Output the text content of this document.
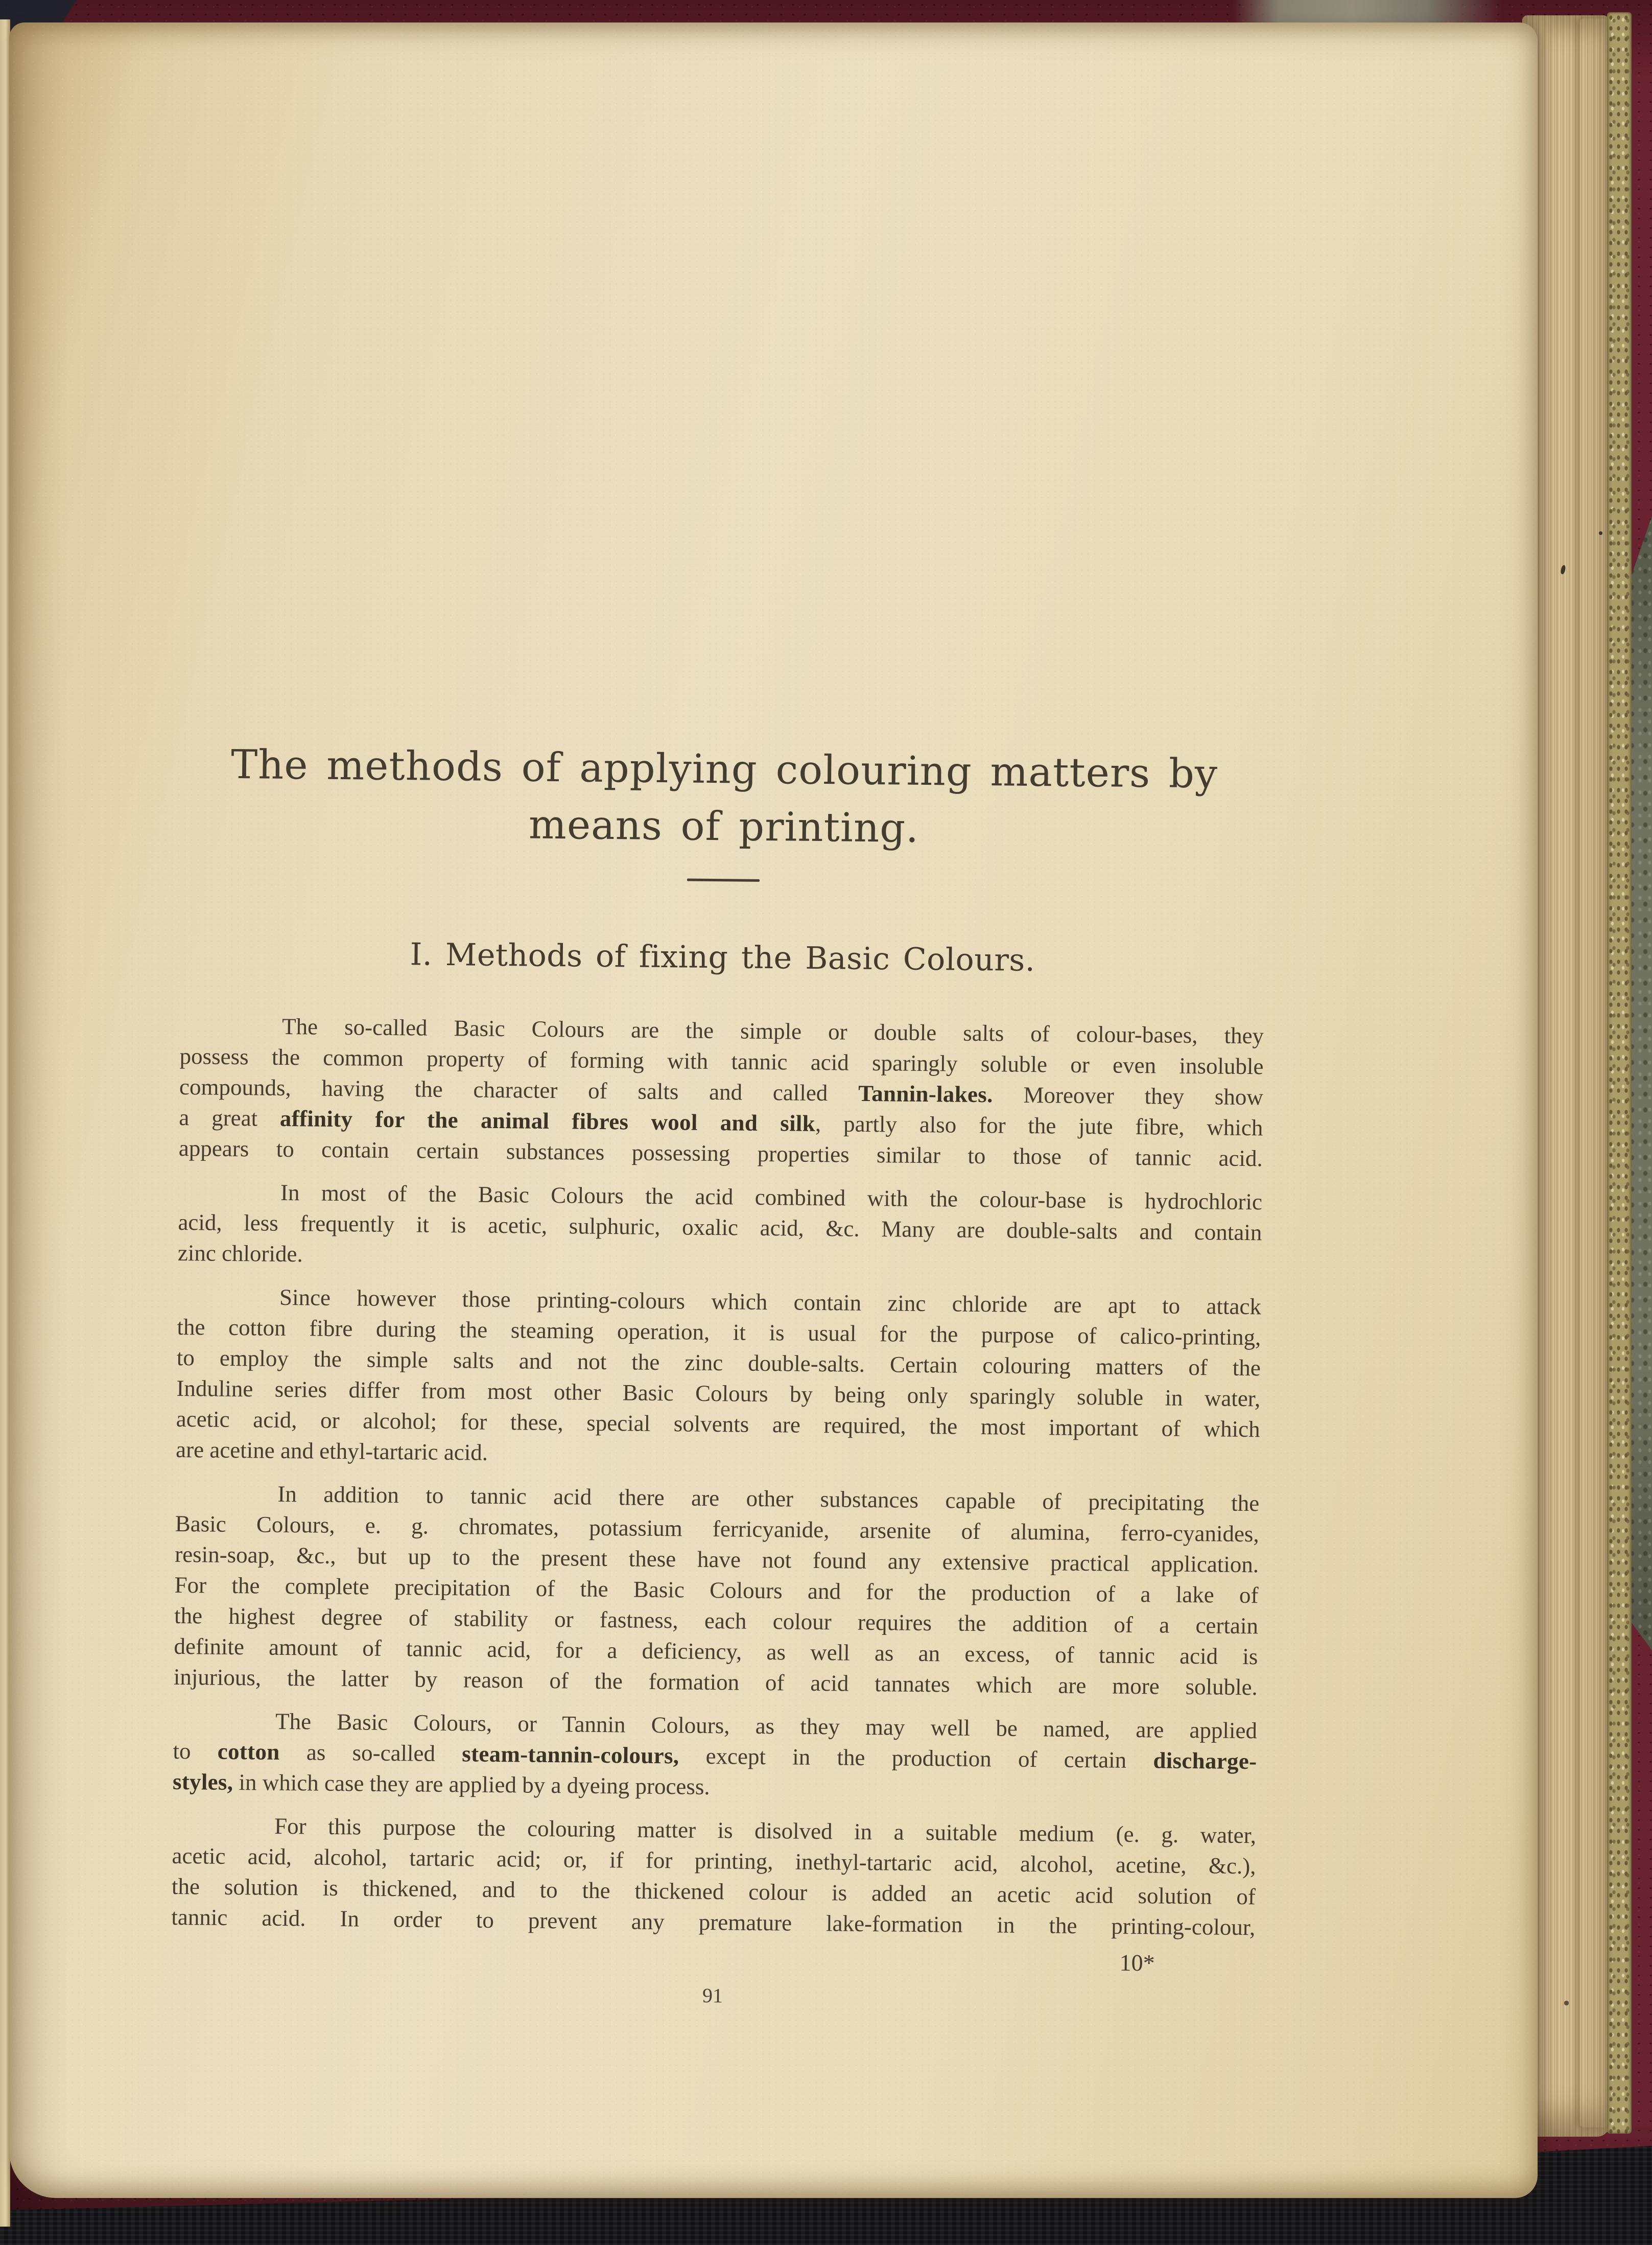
The methods of applying colouring matters by
means of printing.
I. Methods of fixing the Basic Colours.
The so-called Basic Colours are the simple or double salts of colour-bases, they
possess the common property of forming with tannic acid sparingly soluble or even insoluble
compounds, having the character of salts and called Tannin-lakes. Moreover they show
a great affinity for the animal fibres wool and silk, partly also for the jute fibre, which
appears to contain certain substances possessing properties similar to those of tannic acid.
In most of the Basic Colours the acid combined with the colour-base is hydrochloric
acid, less frequently it is acetic, sulphuric, oxalic acid, &c. Many are double-salts and contain
zinc chloride.
Since however those printing-colours which contain zinc chloride are apt to attack
the cotton fibre during the steaming operation, it is usual for the purpose of calico-printing,
to employ the simple salts and not the zinc double-salts. Certain colouring matters of the
Induline series differ from most other Basic Colours by being only sparingly soluble in water,
acetic acid, or alcohol; for these, special solvents are required, the most important of which
are acetine and ethyl-tartaric acid.
In addition to tannic acid there are other substances capable of precipitating the
Basic Colours, e. g. chromates, potassium ferricyanide, arsenite of alumina, ferro-cyanides,
resin-soap, &c., but up to the present these have not found any extensive practical application.
For the complete precipitation of the Basic Colours and for the production of a lake of
the highest degree of stability or fastness, each colour requires the addition of a certain
definite amount of tannic acid, for a deficiency, as well as an excess, of tannic acid is
injurious, the latter by reason of the formation of acid tannates which are more soluble.
The Basic Colours, or Tannin Colours, as they may well be named, are applied
to cotton as so-called steam-tannin-colours, except in the production of certain discharge-
styles, in which case they are applied by a dyeing process.
For this purpose the colouring matter is disolved in a suitable medium (e. g. water,
acetic acid, alcohol, tartaric acid; or, if for printing, inethyl-tartaric acid, alcohol, acetine, &c.),
the solution is thickened, and to the thickened colour is added an acetic acid solution of
tannic acid. In order to prevent any premature lake-formation in the printing-colour,
10*
91
